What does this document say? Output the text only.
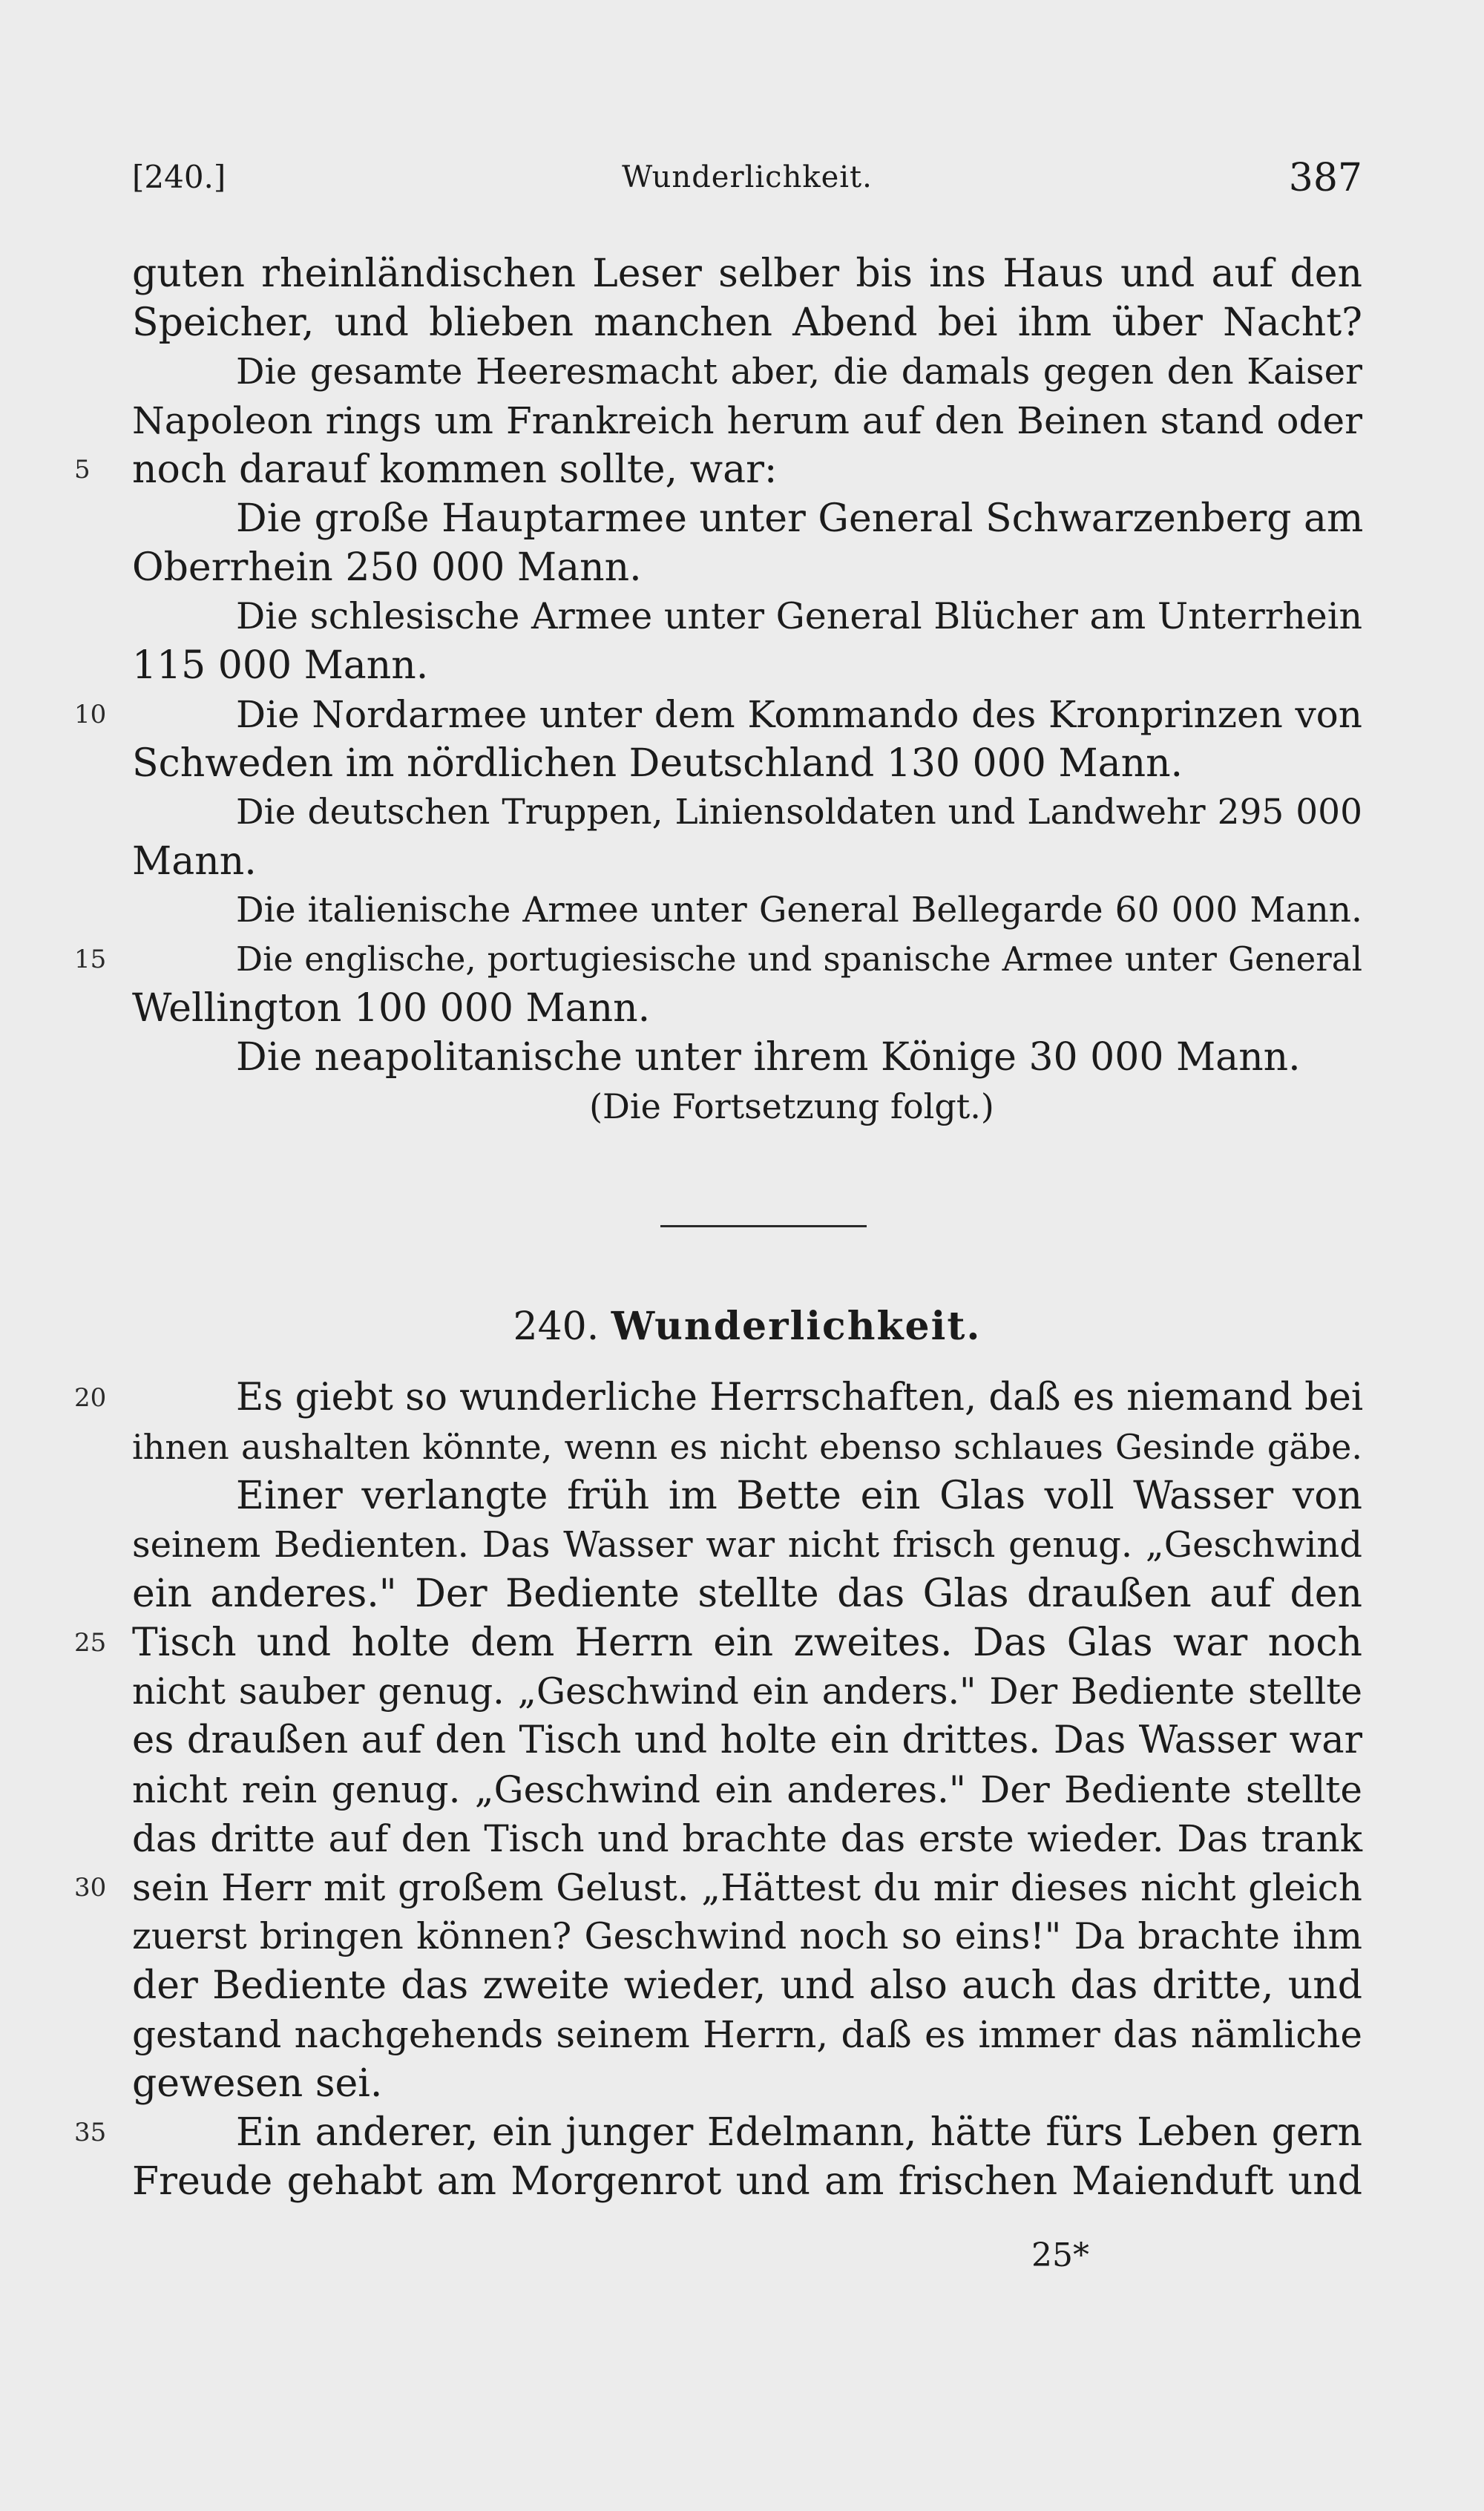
[240.]	Wunderlichkeit.	387
guten rheinländischen Leser selber bis ins Haus und auf den
Speicher, und blieben manchen Abend bei ihm über Nacht?
Die gesamte Heeresmacht aber, die damals gegen den Kaiser
Napoleon rings um Frankreich herum auf den Beinen stand oder
5	noch darauf kommen sollte, war:
Die große Hauptarmee unter General Schwarzenberg am
Oberrhein 250 000 Mann.
Die schlesische Armee unter General Blücher am Unterrhein
115 000 Mann.
10	Die Nordarmee unter dem Kommando des Kronprinzen von
Schweden im nördlichen Deutschland 130 000 Mann.
Die deutschen Truppen, Liniensoldaten und Landwehr 295 000
Mann.
Die italienische Armee unter General Bellegarde 60 000 Mann.
15	Die englische, portugiesische und spanische Armee unter General
Wellington 100 000 Mann.
Die neapolitanische unter ihrem Könige 30 000 Mann.
(Die Fortsetzung folgt.)
240. Wunderlichkeit.
20	Es giebt so wunderliche Herrschaften, daß es niemand bei
ihnen aushalten könnte, wenn es nicht ebenso schlaues Gesinde gäbe.
Einer verlangte früh im Bette ein Glas voll Wasser von
seinem Bedienten. Das Wasser war nicht frisch genug. „Geschwind
ein anderes." Der Bediente stellte das Glas draußen auf den
25 Tisch und holte dem Herrn ein zweites. Das Glas war noch
nicht sauber genug. „Geschwind ein anders." Der Bediente stellte
es draußen auf den Tisch und holte ein drittes. Das Wasser war
nicht rein genug. „Geschwind ein anderes." Der Bediente stellte
das dritte auf den Tisch und brachte das erste wieder. Das trank
30 sein Herr mit großem Gelust. „Hättest du mir dieses nicht gleich
zuerst bringen können? Geschwind noch so eins!" Da brachte ihm
der Bediente das zweite wieder, und also auch das dritte, und
gestand nachgehends seinem Herrn, daß es immer das nämliche
gewesen sei.
35	Ein anderer, ein junger Edelmann, hätte fürs Leben gern
Freude gehabt am Morgenrot und am frischen Maienduft und
25*
